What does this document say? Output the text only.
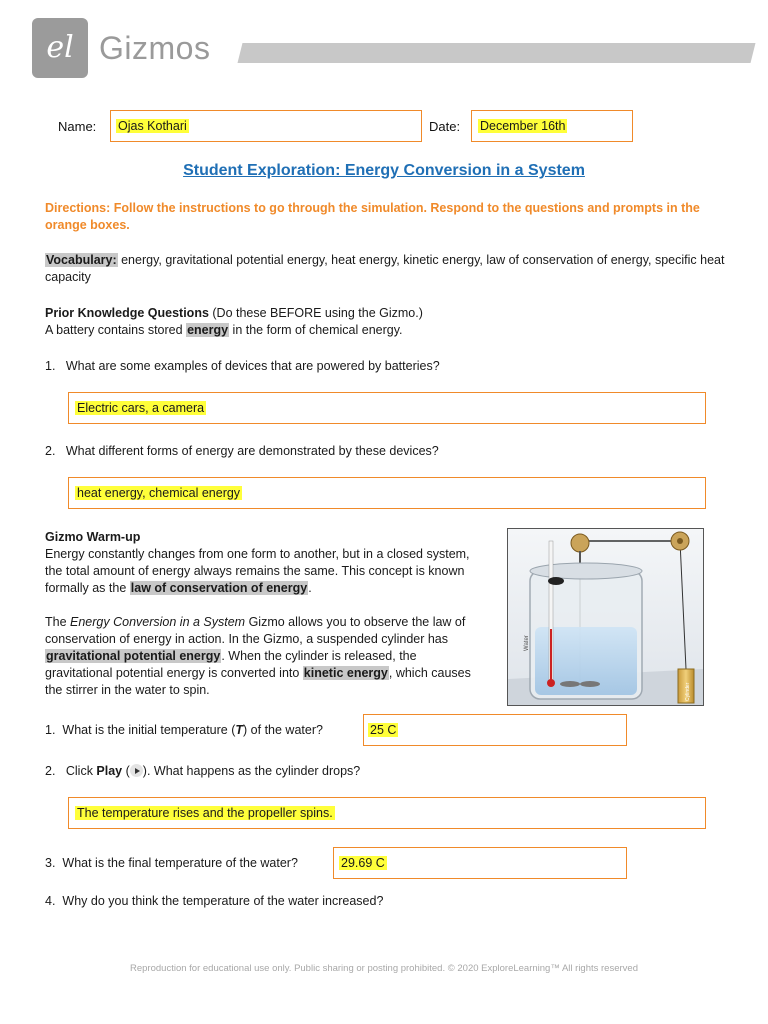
el Gizmos
Name: Ojas Kothari	Date: December 16th
Student Exploration: Energy Conversion in a System
Directions: Follow the instructions to go through the simulation. Respond to the questions and prompts in the orange boxes.
Vocabulary: energy, gravitational potential energy, heat energy, kinetic energy, law of conservation of energy, specific heat capacity
Prior Knowledge Questions (Do these BEFORE using the Gizmo.)
A battery contains stored energy in the form of chemical energy.
1. What are some examples of devices that are powered by batteries?
Electric cars, a camera
2. What different forms of energy are demonstrated by these devices?
heat energy, chemical energy
Gizmo Warm-up
Energy constantly changes from one form to another, but in a closed system, the total amount of energy always remains the same. This concept is known formally as the law of conservation of energy.
The Energy Conversion in a System Gizmo allows you to observe the law of conservation of energy in action. In the Gizmo, a suspended cylinder has gravitational potential energy. When the cylinder is released, the gravitational potential energy is converted into kinetic energy, which causes the stirrer in the water to spin.
Water
Cylinder
1. What is the initial temperature (T) of the water?	25 C
2. Click Play ( ). What happens as the cylinder drops?
The temperature rises and the propeller spins.
3. What is the final temperature of the water?	29.69 C
4. Why do you think the temperature of the water increased?
Reproduction for educational use only. Public sharing or posting prohibited. © 2020 ExploreLearning™ All rights reserved
